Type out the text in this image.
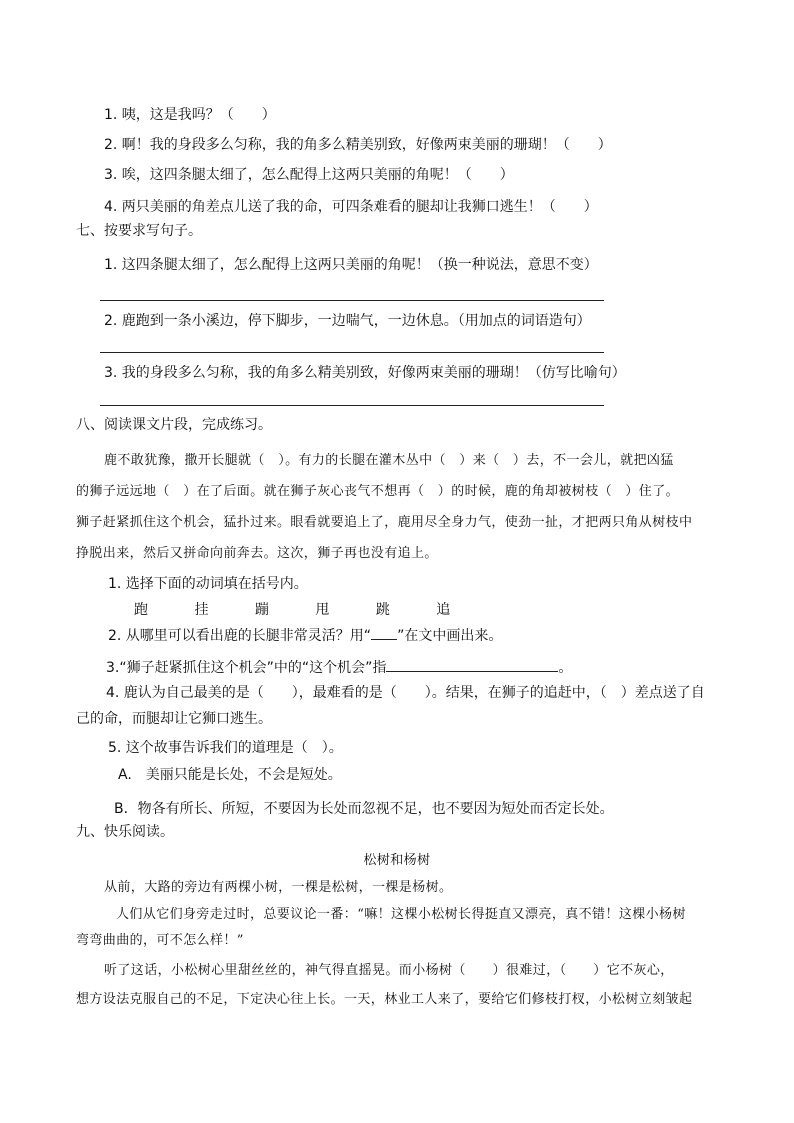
1. 咦，这是我吗？（　　）
2. 啊！我的身段多么匀称，我的角多么精美别致，好像两束美丽的珊瑚！（　　）
3. 唉，这四条腿太细了，怎么配得上这两只美丽的角呢！（　　）
4. 两只美丽的角差点儿送了我的命，可四条难看的腿却让我狮口逃生！（　　）
七、按要求写句子。
1. 这四条腿太细了，怎么配得上这两只美丽的角呢！（换一种说法，意思不变）
2. 鹿跑到一条小溪边，停下脚步，一边喘气，一边休息。（用加点的词语造句）
3. 我的身段多么匀称，我的角多么精美别致，好像两束美丽的珊瑚！（仿写比喻句）
八、阅读课文片段，完成练习。
鹿不敢犹豫，撒开长腿就（　）。有力的长腿在灌木丛中（　）来（　）去，不一会儿，就把凶猛
的狮子远远地（　）在了后面。就在狮子灰心丧气不想再（　）的时候，鹿的角却被树枝（　）住了。
狮子赶紧抓住这个机会，猛扑过来。眼看就要追上了，鹿用尽全身力气，使劲一扯，才把两只角从树枝中
挣脱出来，然后又拼命向前奔去。这次，狮子再也没有追上。
1. 选择下面的动词填在括号内。
跑	挂	蹦	甩	跳	追
2. 从哪里可以看出鹿的长腿非常灵活？用“ ”在文中画出来。
3.“狮子赶紧抓住这个机会”中的“这个机会”指	。
4. 鹿认为自己最美的是（　　），最难看的是（　　）。结果，在狮子的追赶中，（　）差点送了自
己的命，而腿却让它狮口逃生。
5. 这个故事告诉我们的道理是（　）。
A.　美丽只能是长处，不会是短处。
B．物各有所长、所短，不要因为长处而忽视不足，也不要因为短处而否定长处。
九、快乐阅读。
松树和杨树
从前，大路的旁边有两棵小树，一棵是松树，一棵是杨树。
人们从它们身旁走过时，总要议论一番：“嘛！这棵小松树长得挺直又漂亮，真不错！这棵小杨树
弯弯曲曲的，可不怎么样！”
听了这话，小松树心里甜丝丝的，神气得直摇晃。而小杨树（　　）很难过，（　　）它不灰心，
想方设法克服自己的不足，下定决心往上长。一天，林业工人来了，要给它们修枝打杈，小松树立刻皱起
